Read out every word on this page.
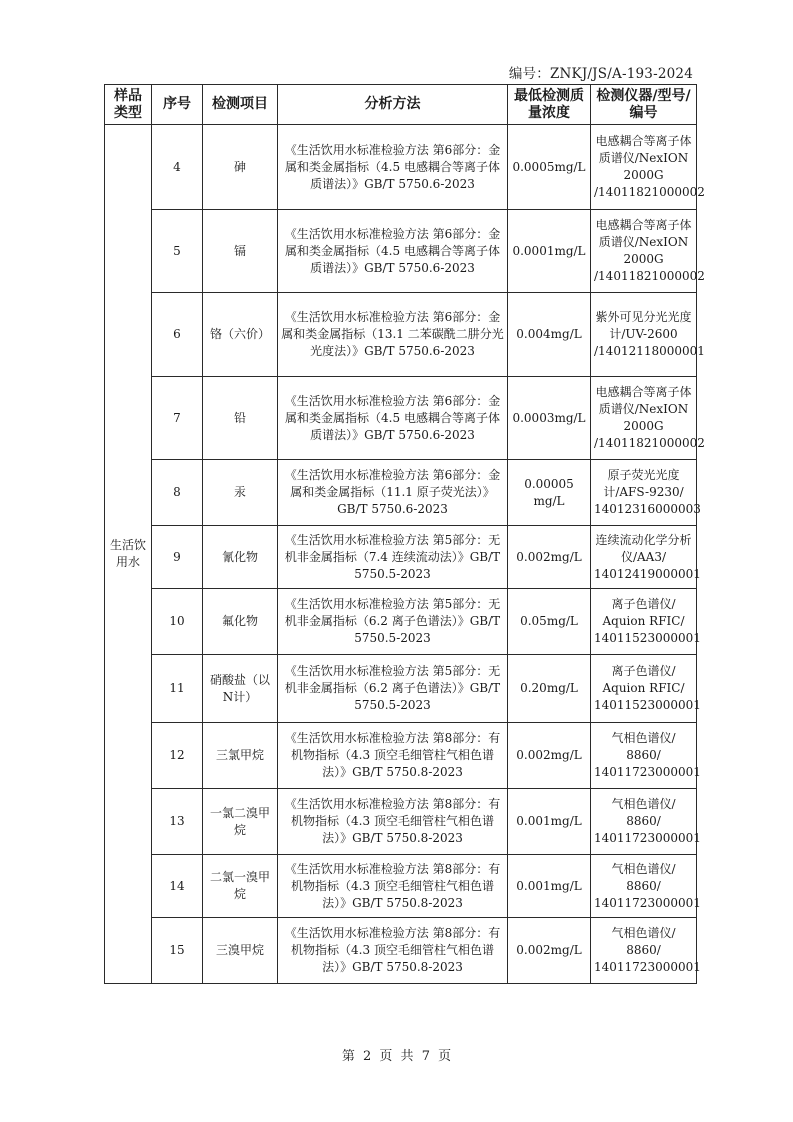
编号：ZNKJ/JS/A-193-2024
样品类型	序号	检测项目	分析方法	最低检测质量浓度	检测仪器/型号/编号
生活饮用水	4	砷	《生活饮用水标准检验方法 第6部分：金属和类金属指标（4.5 电感耦合等离子体质谱法）》GB/T 5750.6-2023	0.0005mg/L	电感耦合等离子体质谱仪/NexION 2000G /14011821000002
	5	镉	《生活饮用水标准检验方法 第6部分：金属和类金属指标（4.5 电感耦合等离子体质谱法）》GB/T 5750.6-2023	0.0001mg/L	电感耦合等离子体质谱仪/NexION 2000G /14011821000002
	6	铬（六价）	《生活饮用水标准检验方法 第6部分：金属和类金属指标（13.1 二苯碳酰二肼分光光度法）》GB/T 5750.6-2023	0.004mg/L	紫外可见分光光度计/UV-2600 /14012118000001
	7	铅	《生活饮用水标准检验方法 第6部分：金属和类金属指标（4.5 电感耦合等离子体质谱法）》GB/T 5750.6-2023	0.0003mg/L	电感耦合等离子体质谱仪/NexION 2000G /14011821000002
	8	汞	《生活饮用水标准检验方法 第6部分：金属和类金属指标（11.1 原子荧光法）》GB/T 5750.6-2023	0.00005 mg/L	原子荧光光度计/AFS-9230/ 14012316000003
	9	氰化物	《生活饮用水标准检验方法 第5部分：无机非金属指标（7.4 连续流动法）》GB/T 5750.5-2023	0.002mg/L	连续流动化学分析仪/AA3/ 14012419000001
	10	氟化物	《生活饮用水标准检验方法 第5部分：无机非金属指标（6.2 离子色谱法）》GB/T 5750.5-2023	0.05mg/L	离子色谱仪/ Aquion RFIC/ 14011523000001
	11	硝酸盐（以N计）	《生活饮用水标准检验方法 第5部分：无机非金属指标（6.2 离子色谱法）》GB/T 5750.5-2023	0.20mg/L	离子色谱仪/ Aquion RFIC/ 14011523000001
	12	三氯甲烷	《生活饮用水标准检验方法 第8部分：有机物指标（4.3 顶空毛细管柱气相色谱法）》GB/T 5750.8-2023	0.002mg/L	气相色谱仪/ 8860/ 14011723000001
	13	一氯二溴甲烷	《生活饮用水标准检验方法 第8部分：有机物指标（4.3 顶空毛细管柱气相色谱法）》GB/T 5750.8-2023	0.001mg/L	气相色谱仪/ 8860/ 14011723000001
	14	二氯一溴甲烷	《生活饮用水标准检验方法 第8部分：有机物指标（4.3 顶空毛细管柱气相色谱法）》GB/T 5750.8-2023	0.001mg/L	气相色谱仪/ 8860/ 14011723000001
	15	三溴甲烷	《生活饮用水标准检验方法 第8部分：有机物指标（4.3 顶空毛细管柱气相色谱法）》GB/T 5750.8-2023	0.002mg/L	气相色谱仪/ 8860/ 14011723000001
第 2 页 共 7 页
